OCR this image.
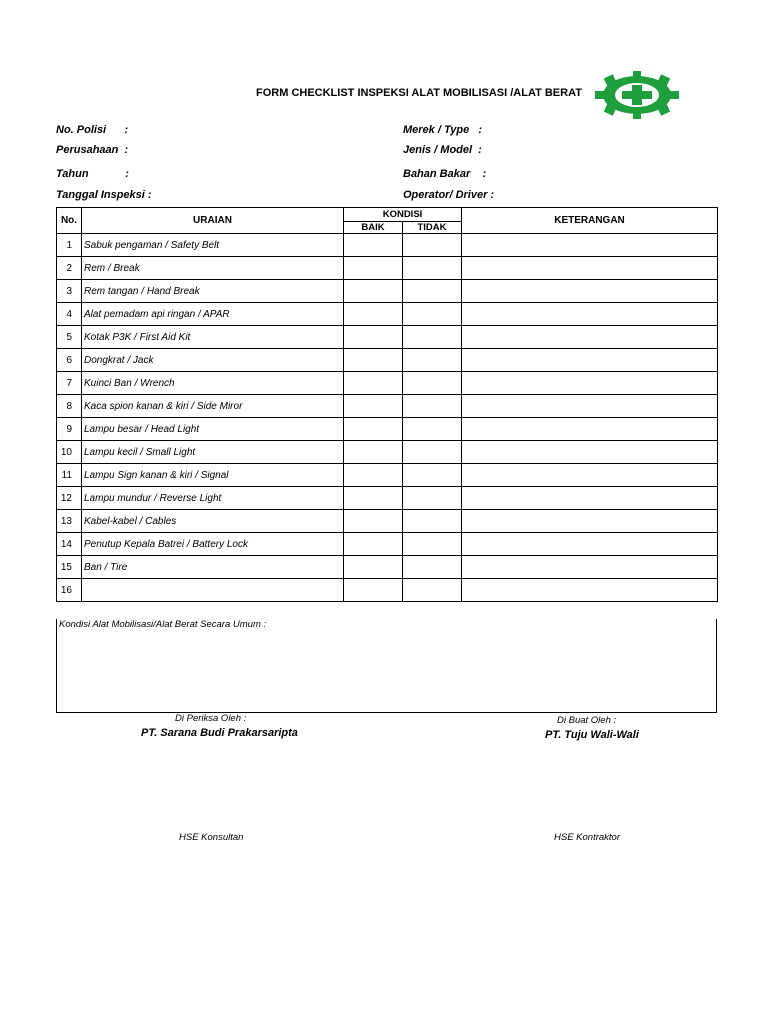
FORM CHECKLIST INSPEKSI ALAT MOBILISASI /ALAT BERAT
No. Polisi      :
Perusahaan  :
Tahun            :
Tanggal Inspeksi :
Merek / Type   :
Jenis / Model  :
Bahan Bakar    :
Operator/ Driver :
No.	URAIAN	KONDISI		KETERANGAN
		BAIK	TIDAK	
1	Sabuk pengaman / Safety Belt			
2	Rem / Break			
3	Rem tangan / Hand Break			
4	Alat pemadam api ringan / APAR			
5	Kotak P3K / First Aid Kit			
6	Dongkrat / Jack			
7	Kuinci Ban / Wrench			
8	Kaca spion kanan & kiri / Side Miror			
9	Lampu besar / Head Light			
10	Lampu kecil / Small Light			
11	Lampu Sign kanan & kiri / Signal			
12	Lampu mundur / Reverse Light			
13	Kabel-kabel / Cables			
14	Penutup Kepala Batrei / Battery Lock			
15	Ban / Tire			
16				
Kondisi Alat Mobilisasi/Alat Berat Secara Umum :
Di Periksa Oleh :
PT. Sarana Budi Prakarsaripta
HSE Konsultan
Di Buat Oleh :
PT. Tuju Wali-Wali
HSE Kontraktor
